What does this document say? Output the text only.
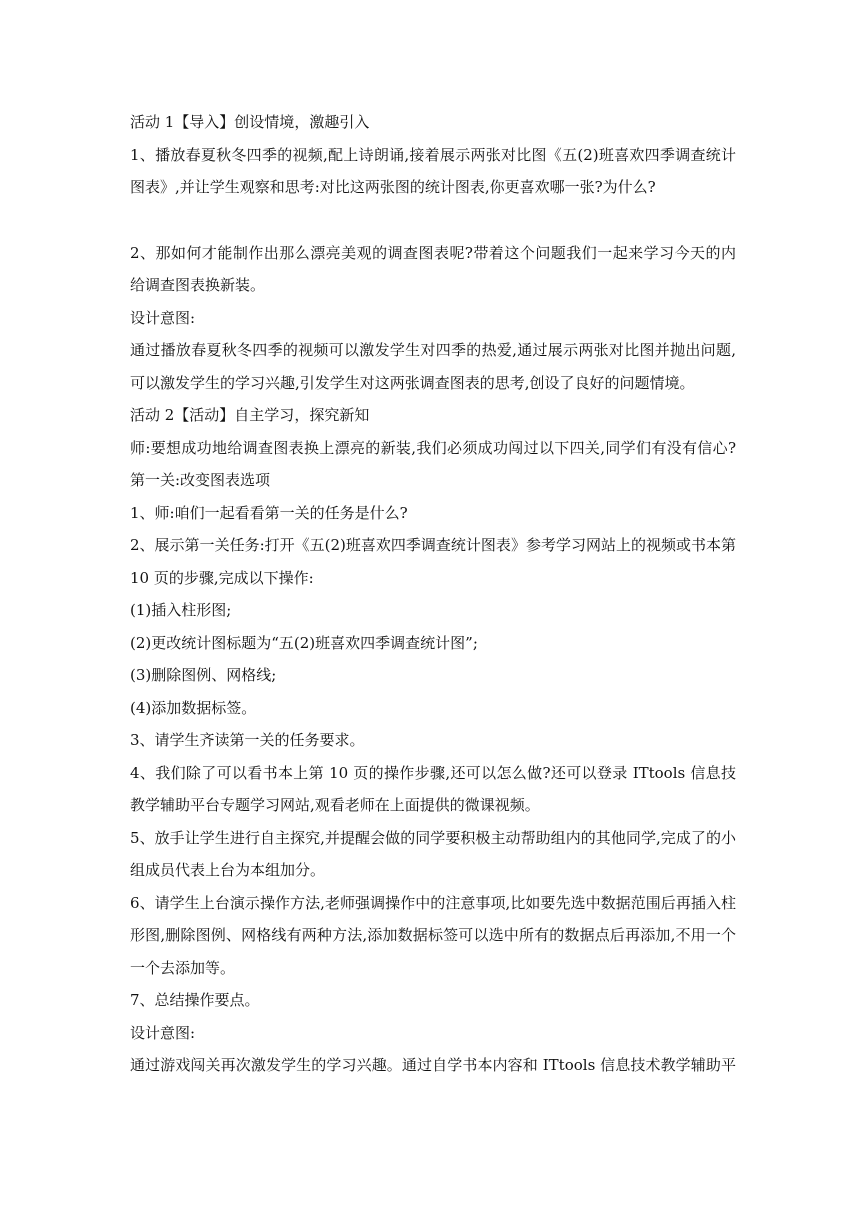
活动 1【导入】创设情境，激趣引入
1、播放春夏秋冬四季的视频,配上诗朗诵,接着展示两张对比图《五(2)班喜欢四季调查统计
图表》,并让学生观察和思考:对比这两张图的统计图表,你更喜欢哪一张?为什么?
2、那如何才能制作出那么漂亮美观的调查图表呢?带着这个问题我们一起来学习今天的内
给调查图表换新装。
设计意图:
通过播放春夏秋冬四季的视频可以激发学生对四季的热爱,通过展示两张对比图并抛出问题,
可以激发学生的学习兴趣,引发学生对这两张调查图表的思考,创设了良好的问题情境。
活动 2【活动】自主学习，探究新知
师:要想成功地给调查图表换上漂亮的新装,我们必须成功闯过以下四关,同学们有没有信心?
第一关:改变图表选项
1、师:咱们一起看看第一关的任务是什么?
2、展示第一关任务:打开《五(2)班喜欢四季调查统计图表》参考学习网站上的视频或书本第
10 页的步骤,完成以下操作:
(1)插入柱形图;
(2)更改统计图标题为“五(2)班喜欢四季调查统计图”;
(3)删除图例、网格线;
(4)添加数据标签。
3、请学生齐读第一关的任务要求。
4、我们除了可以看书本上第 10 页的操作步骤,还可以怎么做?还可以登录 ITtools 信息技
教学辅助平台专题学习网站,观看老师在上面提供的微课视频。
5、放手让学生进行自主探究,并提醒会做的同学要积极主动帮助组内的其他同学,完成了的小
组成员代表上台为本组加分。
6、请学生上台演示操作方法,老师强调操作中的注意事项,比如要先选中数据范围后再插入柱
形图,删除图例、网格线有两种方法,添加数据标签可以选中所有的数据点后再添加,不用一个
一个去添加等。
7、总结操作要点。
设计意图:
通过游戏闯关再次激发学生的学习兴趣。通过自学书本内容和 ITtools 信息技术教学辅助平
